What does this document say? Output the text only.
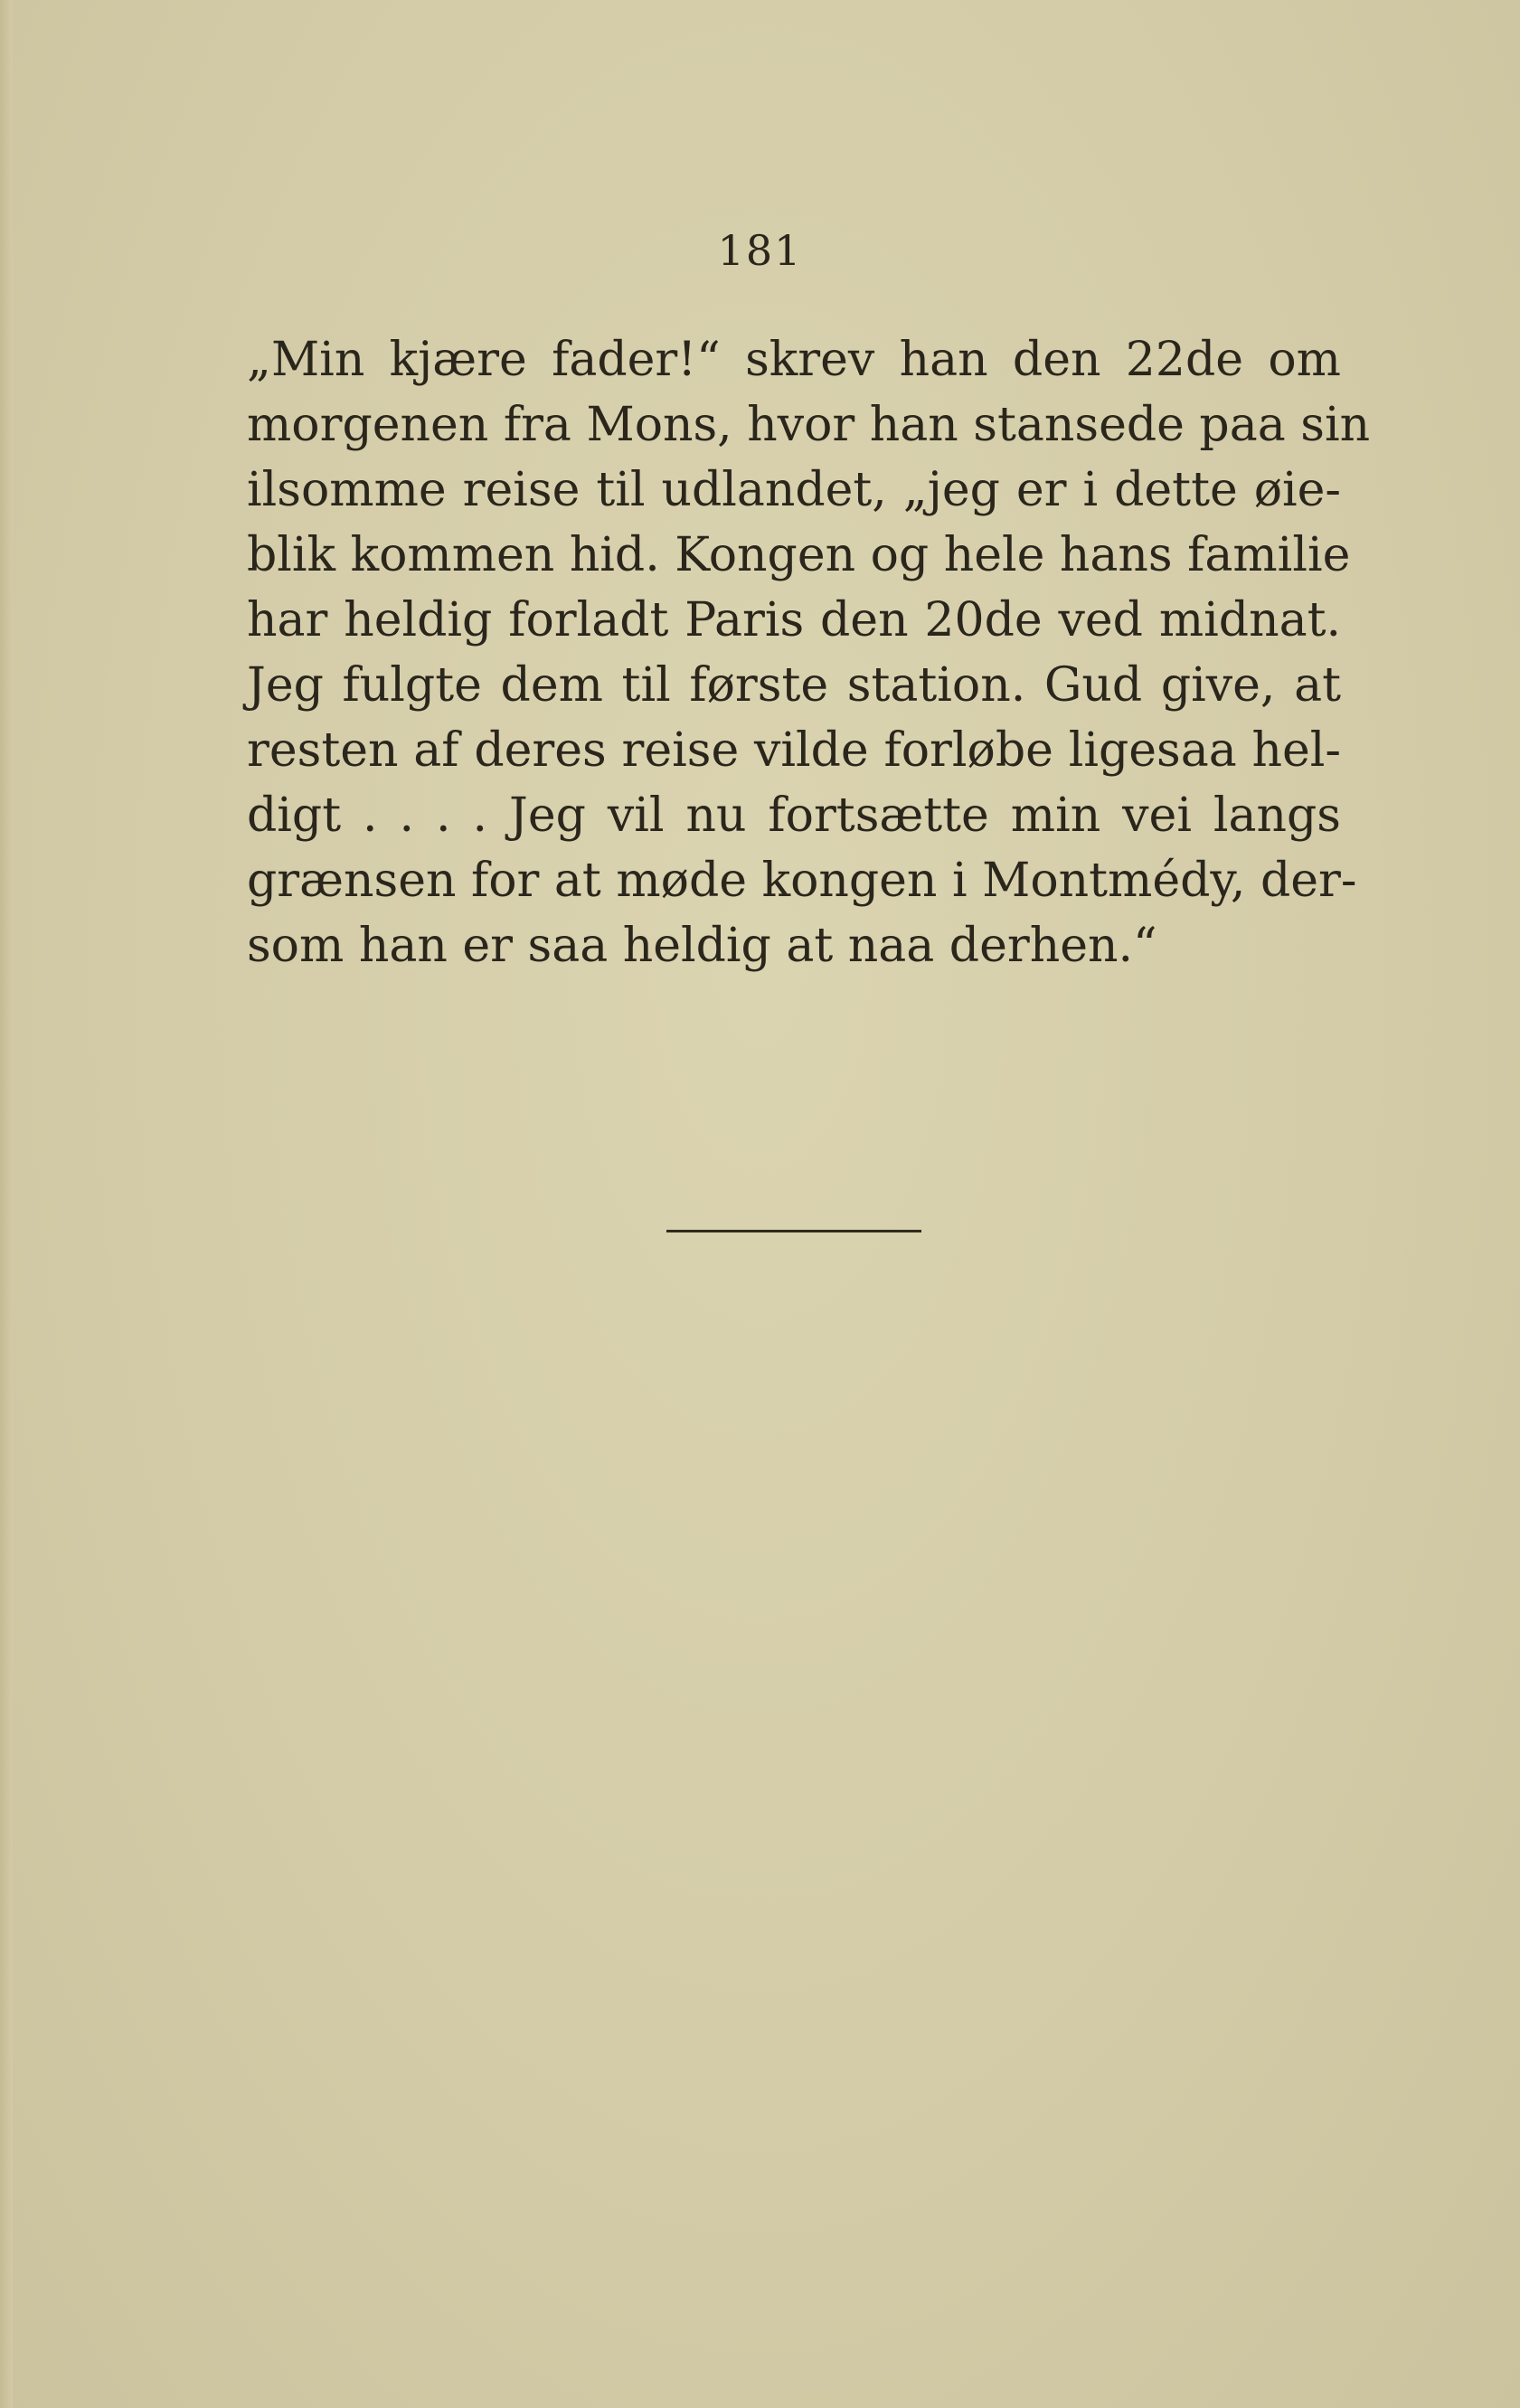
181
„Min kjære fader!“ skrev han den 22de om
morgenen fra Mons, hvor han stansede paa sin
ilsomme reise til udlandet, „jeg er i dette øie-
blik kommen hid. Kongen og hele hans familie
har heldig forladt Paris den 20de ved midnat.
Jeg fulgte dem til første station. Gud give, at
resten af deres reise vilde forløbe ligesaa hel-
digt . . . . Jeg vil nu fortsætte min vei langs
grænsen for at møde kongen i Montmédy, der-
som han er saa heldig at naa derhen.“
